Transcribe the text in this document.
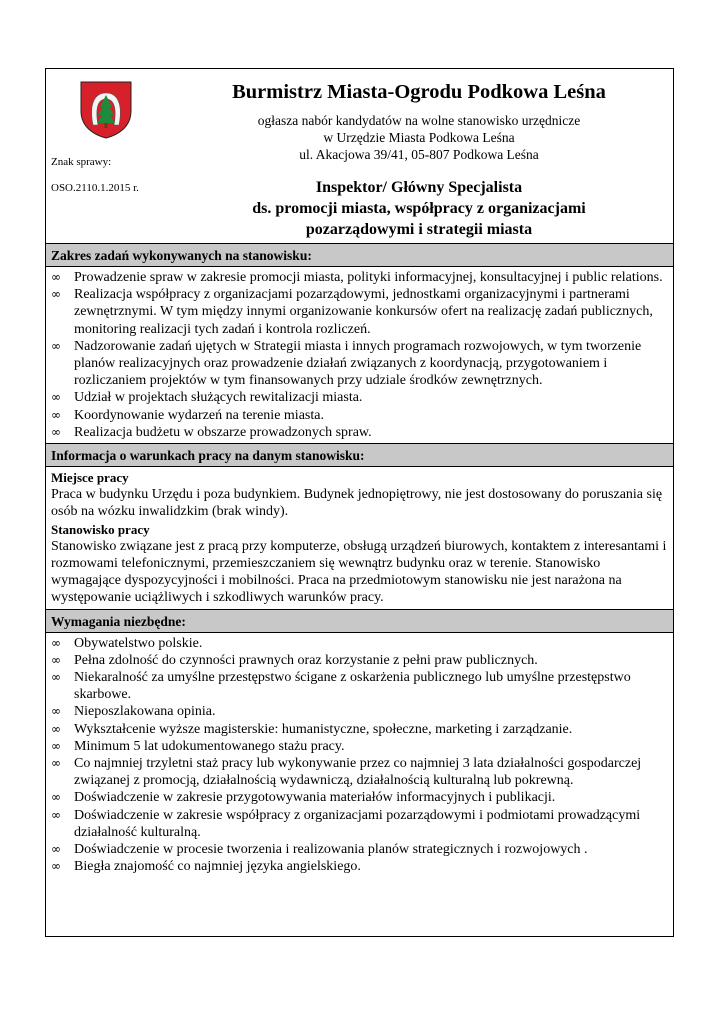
Znak sprawy:
OSO.2110.1.2015 r.
Burmistrz Miasta-Ogrodu Podkowa Leśna
ogłasza nabór kandydatów na wolne stanowisko urzędnicze
w Urzędzie Miasta Podkowa Leśna
ul. Akacjowa 39/41, 05-807 Podkowa Leśna
Inspektor/ Główny Specjalista
ds. promocji miasta, współpracy z organizacjami
pozarządowymi i strategii miasta
Zakres zadań wykonywanych na stanowisku:
∞ Prowadzenie spraw w zakresie promocji miasta, polityki informacyjnej, konsultacyjnej i public relations.
∞ Realizacja współpracy z organizacjami pozarządowymi, jednostkami organizacyjnymi i partnerami zewnętrznymi. W tym między innymi organizowanie konkursów ofert na realizację zadań publicznych, monitoring realizacji tych zadań i kontrola rozliczeń.
∞ Nadzorowanie zadań ujętych w Strategii miasta i innych programach rozwojowych, w tym tworzenie planów realizacyjnych oraz prowadzenie działań związanych z koordynacją, przygotowaniem i rozliczaniem projektów w tym finansowanych przy udziale środków zewnętrznych.
∞ Udział w projektach służących rewitalizacji miasta.
∞ Koordynowanie wydarzeń na terenie miasta.
∞ Realizacja budżetu w obszarze prowadzonych spraw.
Informacja o warunkach pracy na danym stanowisku:
Miejsce pracy
Praca w budynku Urzędu i poza budynkiem. Budynek jednopiętrowy, nie jest dostosowany do poruszania się osób na wózku inwalidzkim (brak windy).
Stanowisko pracy
Stanowisko związane jest z pracą przy komputerze, obsługą urządzeń biurowych, kontaktem z interesantami i rozmowami telefonicznymi, przemieszczaniem się wewnątrz budynku oraz w terenie. Stanowisko wymagające dyspozycyjności i mobilności. Praca na przedmiotowym stanowisku nie jest narażona na występowanie uciążliwych i szkodliwych warunków pracy.
Wymagania niezbędne:
∞ Obywatelstwo polskie.
∞ Pełna zdolność do czynności prawnych oraz korzystanie z pełni praw publicznych.
∞ Niekaralność za umyślne przestępstwo ścigane z oskarżenia publicznego lub umyślne przestępstwo skarbowe.
∞ Nieposzlakowana opinia.
∞ Wykształcenie wyższe magisterskie: humanistyczne, społeczne, marketing i zarządzanie.
∞ Minimum 5 lat udokumentowanego stażu pracy.
∞ Co najmniej trzyletni staż pracy lub wykonywanie przez co najmniej 3 lata działalności gospodarczej związanej z promocją, działalnością wydawniczą, działalnością kulturalną lub pokrewną.
∞ Doświadczenie w zakresie przygotowywania materiałów informacyjnych i publikacji.
∞ Doświadczenie w zakresie współpracy z organizacjami pozarządowymi i podmiotami prowadzącymi działalność kulturalną.
∞ Doświadczenie w procesie tworzenia i realizowania planów strategicznych i rozwojowych .
∞ Biegła znajomość co najmniej języka angielskiego.
